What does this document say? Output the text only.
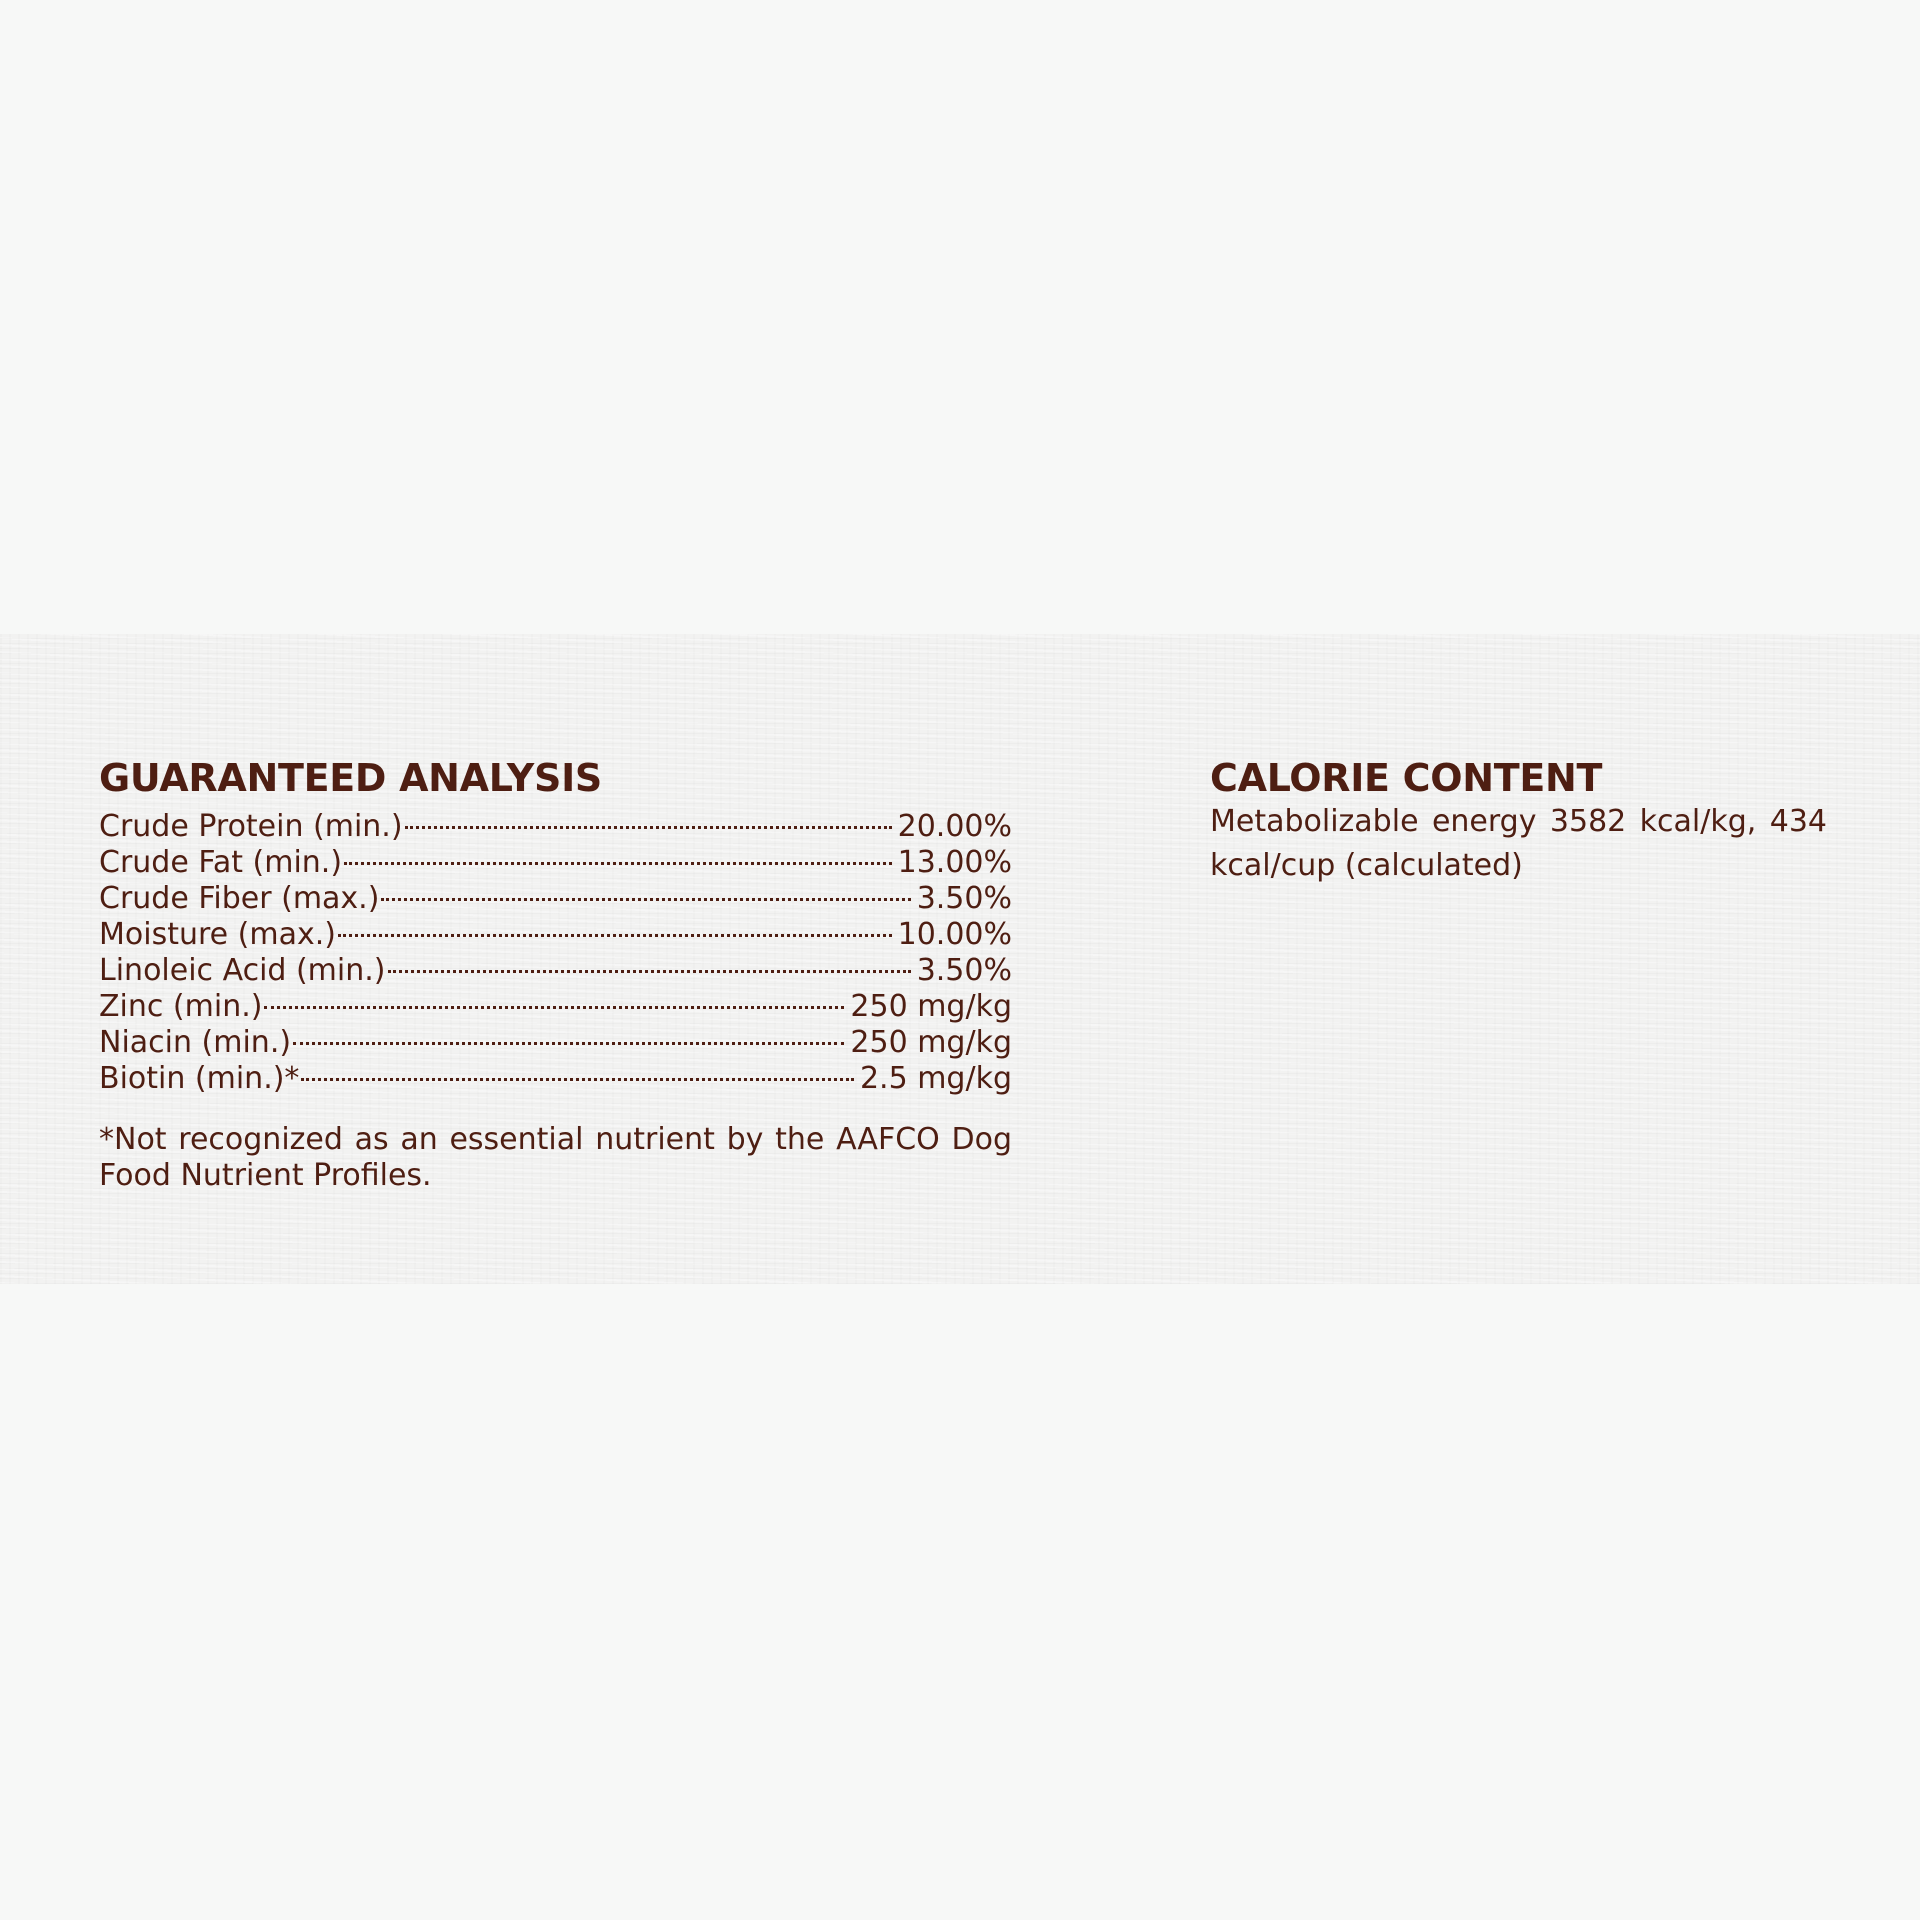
GUARANTEED ANALYSIS
Crude Protein (min.)	20.00%
Crude Fat (min.)	13.00%
Crude Fiber (max.)	3.50%
Moisture (max.)	10.00%
Linoleic Acid (min.)	3.50%
Zinc (min.)	250 mg/kg
Niacin (min.)	250 mg/kg
Biotin (min.)*	2.5 mg/kg

*Not recognized as an essential nutrient by the AAFCO Dog Food Nutrient Profiles.

CALORIE CONTENT

Metabolizable energy 3582 kcal/kg, 434 kcal/cup (calculated)
